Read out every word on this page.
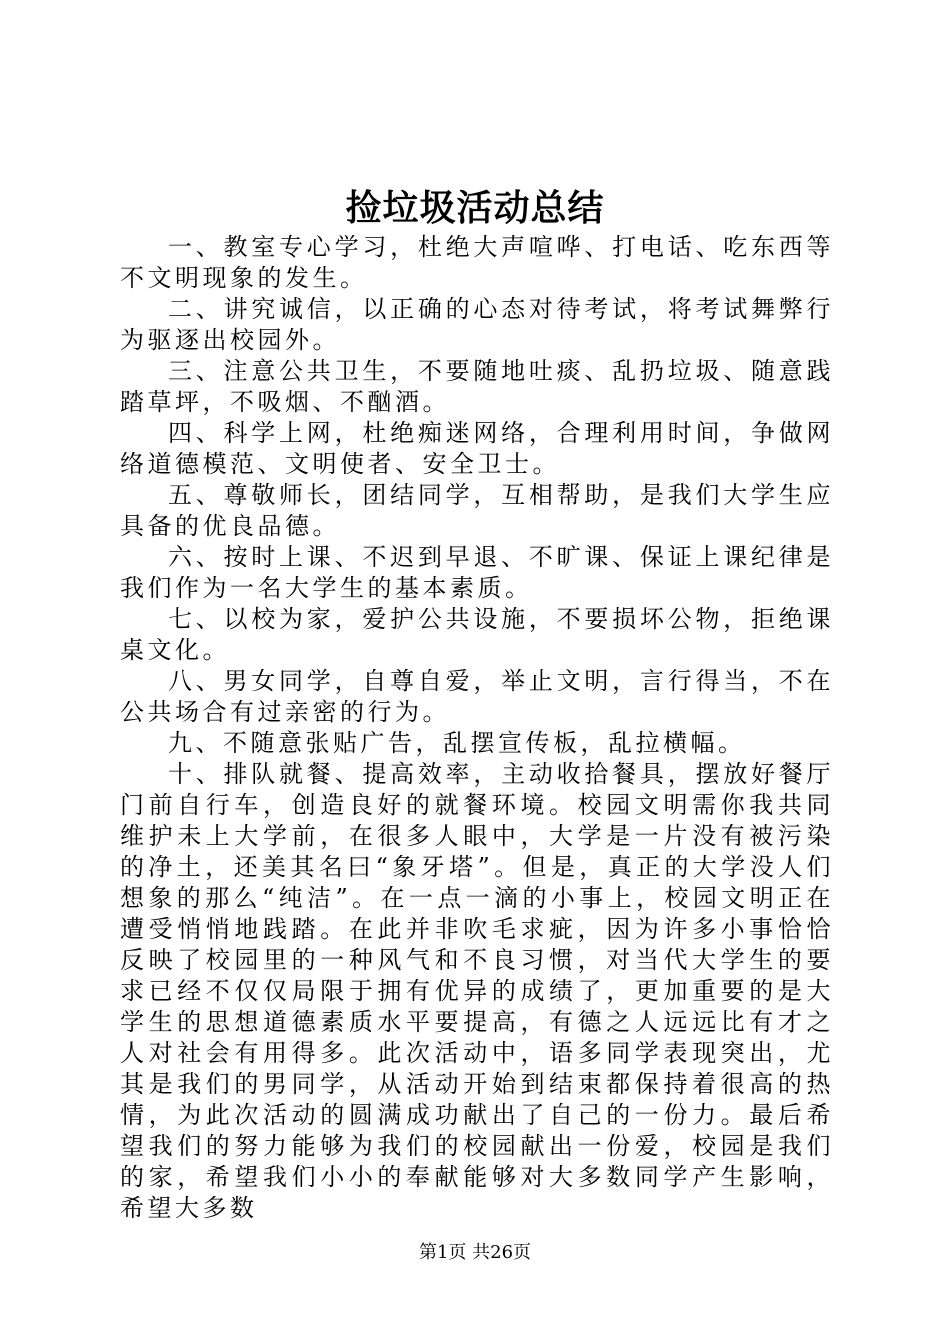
捡垃圾活动总结

一、教室专心学习，杜绝大声喧哗、打电话、吃东西等不文明现象的发生。

二、讲究诚信，以正确的心态对待考试，将考试舞弊行为驱逐出校园外。

三、注意公共卫生，不要随地吐痰、乱扔垃圾、随意践踏草坪，不吸烟、不酗酒。

四、科学上网，杜绝痴迷网络，合理利用时间，争做网络道德模范、文明使者、安全卫士。

五、尊敬师长，团结同学，互相帮助，是我们大学生应具备的优良品德。

六、按时上课、不迟到早退、不旷课、保证上课纪律是我们作为一名大学生的基本素质。

七、以校为家，爱护公共设施，不要损坏公物，拒绝课桌文化。

八、男女同学，自尊自爱，举止文明，言行得当，不在公共场合有过亲密的行为。

九、不随意张贴广告，乱摆宣传板，乱拉横幅。

十、排队就餐、提高效率，主动收拾餐具，摆放好餐厅门前自行车，创造良好的就餐环境。校园文明需你我共同维护未上大学前，在很多人眼中，大学是一片没有被污染的净土，还美其名曰“象牙塔”。但是，真正的大学没人们想象的那么“纯洁”。在一点一滴的小事上，校园文明正在遭受悄悄地践踏。在此并非吹毛求疵，因为许多小事恰恰反映了校园里的一种风气和不良习惯，对当代大学生的要求已经不仅仅局限于拥有优异的成绩了，更加重要的是大学生的思想道德素质水平要提高，有德之人远远比有才之人对社会有用得多。此次活动中，语多同学表现突出，尤其是我们的男同学，从活动开始到结束都保持着很高的热情，为此次活动的圆满成功献出了自己的一份力。最后希望我们的努力能够为我们的校园献出一份爱，校园是我们的家，希望我们小小的奉献能够对大多数同学产生影响，希望大多数

第1页 共26页
